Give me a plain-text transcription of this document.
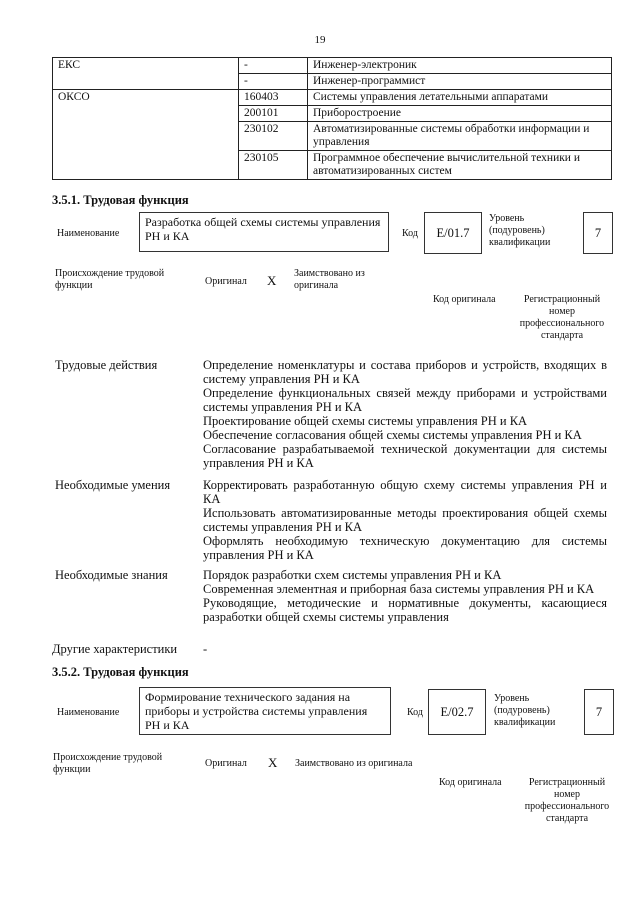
19
ЕКС	-	Инженер-электроник
	-	Инженер-программист
ОКСО	160403	Системы управления летательными аппаратами
	200101	Приборостроение
	230102	Автоматизированные системы обработки информации и управления
	230105	Программное обеспечение вычислительной техники и автоматизированных систем
3.5.1. Трудовая функция
Наименование
Разработка общей схемы системы управления РН и КА	Код	E/01.7
Уровень (подуровень) квалификации
7
Происхождение трудовой функции	Оригинал X Заимствовано из оригинала
Код оригинала	Регистрационный номер профессионального стандарта
Трудовые действия	Определение номенклатуры и состава приборов и устройств, входящих в систему управления РН и КА
Определение функциональных связей между приборами и устройствами системы управления РН и КА
Проектирование общей схемы системы управления РН и КА
Обеспечение согласования общей схемы системы управления РН и КА
Согласование разрабатываемой технической документации для системы управления РН и КА
Необходимые умения	Корректировать разработанную общую схему системы управления РН и КА
Использовать автоматизированные методы проектирования общей схемы системы управления РН и КА
Оформлять необходимую техническую документацию для системы управления РН и КА
Необходимые знания	Порядок разработки схем системы управления РН и КА
Современная элементная и приборная база системы управления РН и КА
Руководящие, методические и нормативные документы, касающиеся разработки общей схемы системы управления
Другие характеристики -
3.5.2. Трудовая функция
Наименование
Формирование технического задания на приборы и устройства системы управления РН и КА
Код	E/02.7
Уровень (подуровень) квалификации
7
Происхождение трудовой функции
Оригинал X Заимствовано из оригинала
Код оригинала	Регистрационный номер профессионального стандарта
